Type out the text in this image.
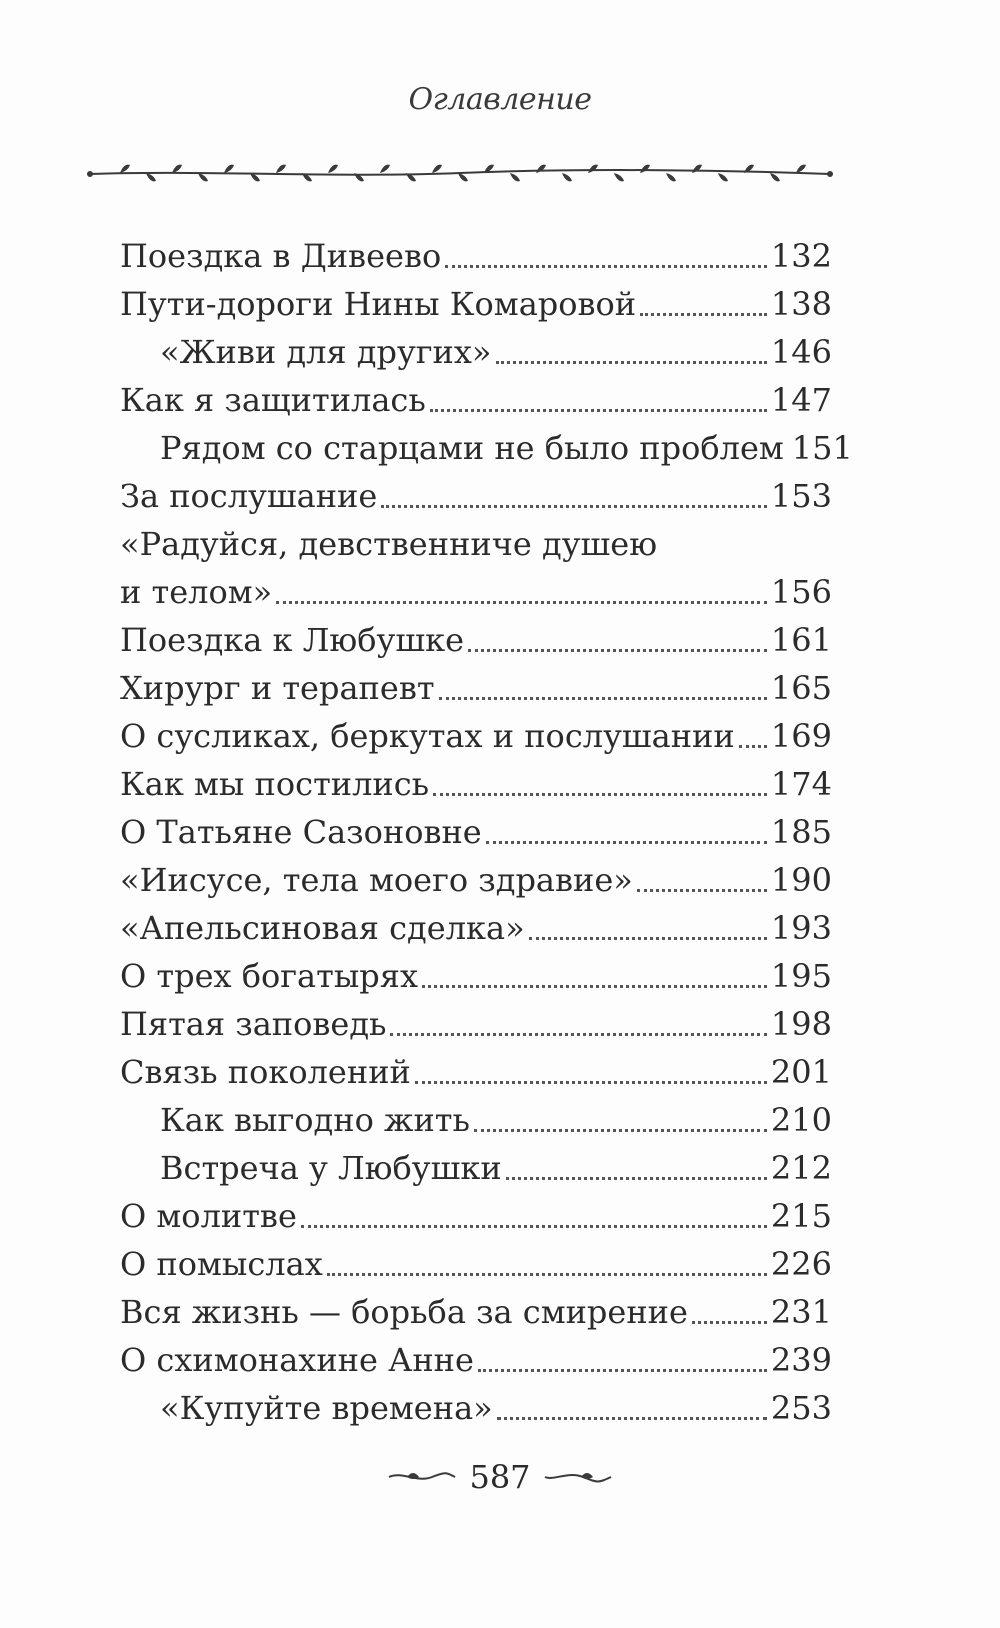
Оглавление
Поездка в Дивеево	132
Пути-дороги Нины Комаровой	138
«Живи для других»	146
Как я защитилась	147
Рядом со старцами не было проблем 151
За послушание	153
«Радуйся, девственниче душею
и телом»	156
Поездка к Любушке	161
Хирург и терапевт	165
О сусликах, беркутах и послушании 169
Как мы постились	174
О Татьяне Сазоновне	185
«Иисусе, тела моего здравие»	190
«Апельсиновая сделка»	193
О трех богатырях	195
Пятая заповедь	198
Связь поколений	201
Как выгодно жить	210
Встреча у Любушки	212
О молитве	215
О помыслах	226
Вся жизнь — борьба за смирение	231
О схимонахине Анне	239
«Купуйте времена»	253
587
